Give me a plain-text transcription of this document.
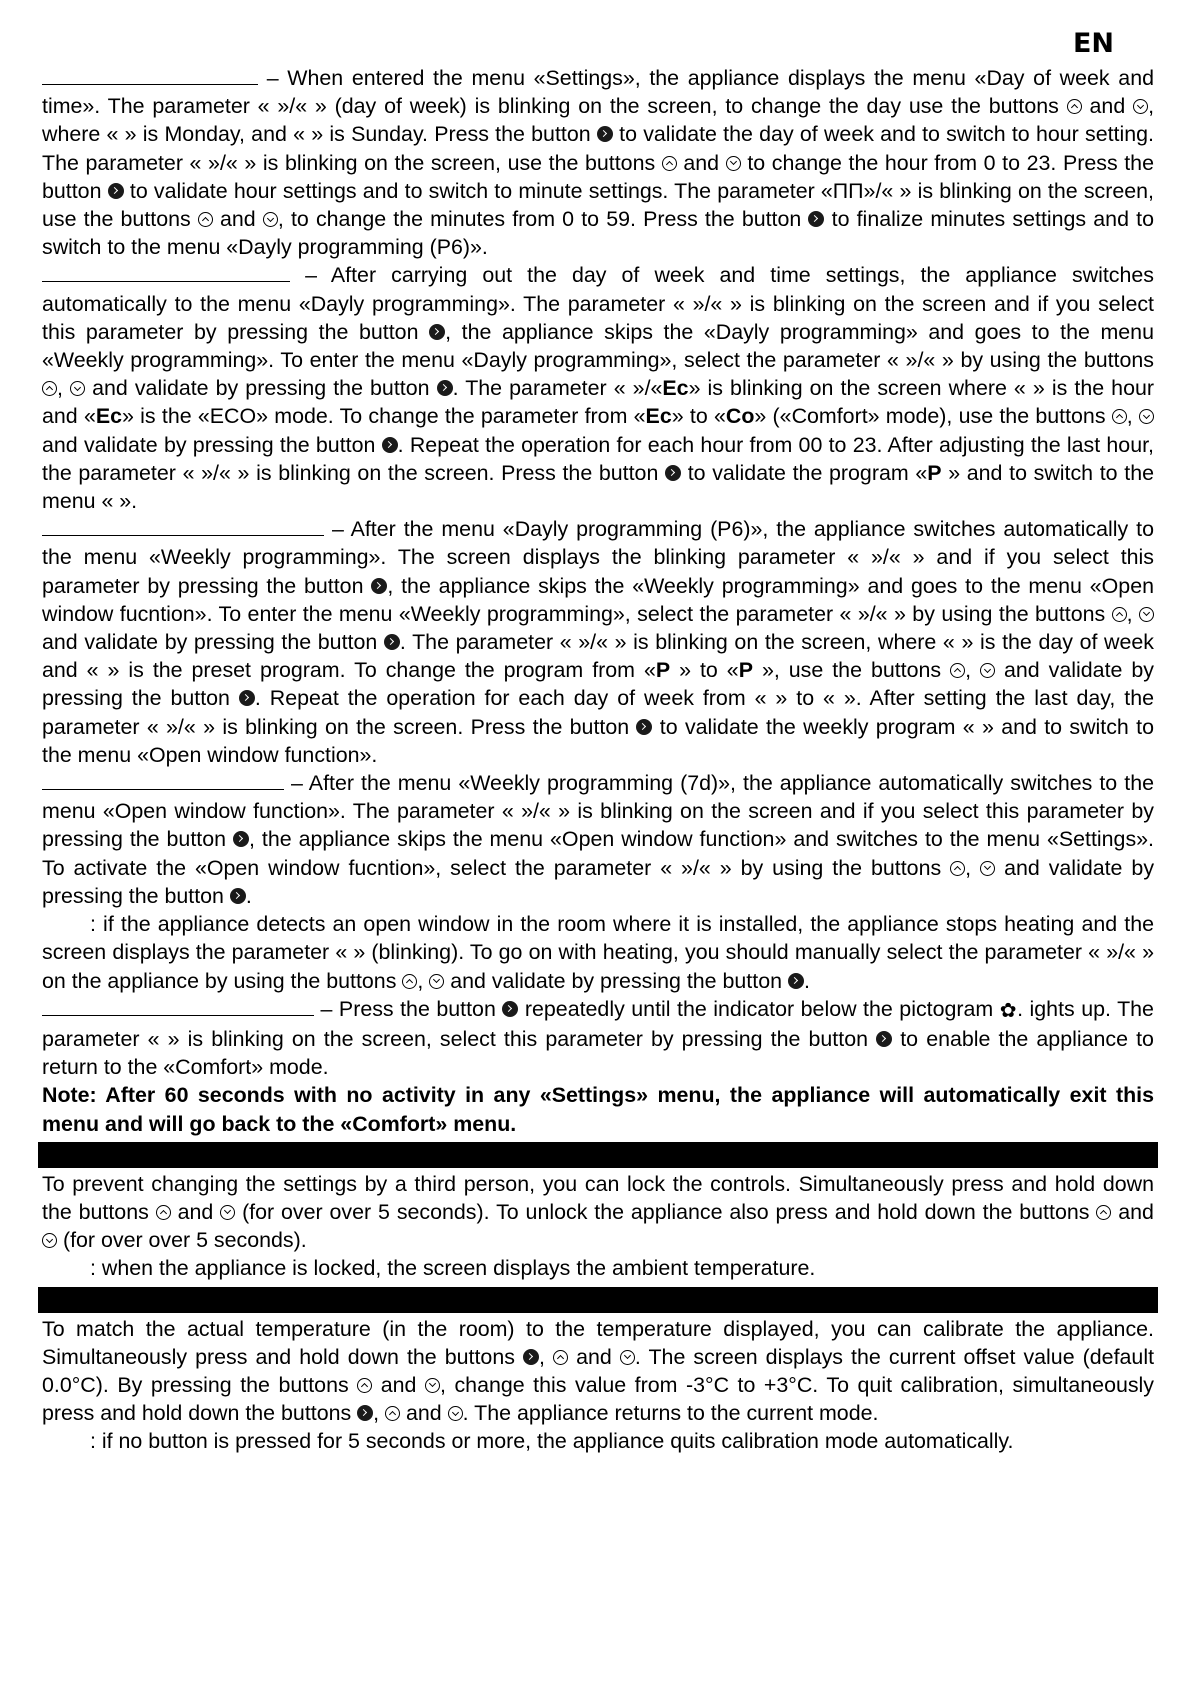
EN

– When entered the menu «Settings», the appliance displays the menu «Day of week and time». The parameter « »/« » (day of week) is blinking on the screen, to change the day use the buttons and , where « » is Monday, and « » is Sunday. Press the button to validate the day of week and to switch to hour setting. The parameter « »/« » is blinking on the screen, use the buttons and to change the hour from 0 to 23. Press the button to validate hour settings and to switch to minute settings. The parameter «ПП»/« » is blinking on the screen, use the buttons and , to change the minutes from 0 to 59. Press the button to finalize minutes settings and to switch to the menu «Dayly programming (P6)».

– After carrying out the day of week and time settings, the appliance switches automatically to the menu «Dayly programming». The parameter « »/« » is blinking on the screen and if you select this parameter by pressing the button , the appliance skips the «Dayly programming» and goes to the menu «Weekly programming». To enter the menu «Dayly programming», select the parameter « »/« » by using the buttons ,  and validate by pressing the button . The parameter « »/«Ec» is blinking on the screen where « » is the hour and «Ec» is the «ECO» mode. To change the parameter from «Ec» to «Co» («Comfort» mode), use the buttons ,  and validate by pressing the button . Repeat the operation for each hour from 00 to 23. After adjusting the last hour, the parameter « »/« » is blinking on the screen. Press the button to validate the program «P » and to switch to the menu « ».

– After the menu «Dayly programming (P6)», the appliance switches automatically to the menu «Weekly programming». The screen displays the blinking parameter « »/« » and if you select this parameter by pressing the button , the appliance skips the «Weekly programming» and goes to the menu «Open window fucntion». To enter the menu «Weekly programming», select the parameter « »/« » by using the buttons ,  and validate by pressing the button . The parameter « »/« » is blinking on the screen, where « » is the day of week and « » is the preset program. To change the program from «P » to «P », use the buttons ,  and validate by pressing the button . Repeat the operation for each day of week from « » to « ». After setting the last day, the parameter « »/« » is blinking on the screen. Press the button to validate the weekly program « » and to switch to the menu «Open window function».

– After the menu «Weekly programming (7d)», the appliance automatically switches to the menu «Open window function». The parameter « »/« » is blinking on the screen and if you select this parameter by pressing the button , the appliance skips the menu «Open window function» and switches to the menu «Settings». To activate the «Open window fucntion», select the parameter « »/« » by using the buttons ,  and validate by pressing the button .

: if the appliance detects an open window in the room where it is installed, the appliance stops heating and the screen displays the parameter « » (blinking). To go on with heating, you should manually select the parameter « »/« » on the appliance by using the buttons ,  and validate by pressing the button .

– Press the button repeatedly until the indicator below the pictogram ✿. ights up. The parameter « » is blinking on the screen, select this parameter by pressing the button to enable the appliance to return to the «Comfort» mode.

Note: After 60 seconds with no activity in any «Settings» menu, the appliance will automatically exit this menu and will go back to the «Comfort» menu.

To prevent changing the settings by a third person, you can lock the controls. Simultaneously press and hold down the buttons and (for over over 5 seconds). To unlock the appliance also press and hold down the buttons and  (for over over 5 seconds).

: when the appliance is locked, the screen displays the ambient temperature.

To match the actual temperature (in the room) to the temperature displayed, you can calibrate the appliance. Simultaneously press and hold down the buttons ,  and . The screen displays the current offset value (default 0.0°C). By pressing the buttons and , change this value from -3°C to +3°C. To quit calibration, simultaneously press and hold down the buttons ,  and . The appliance returns to the current mode.

: if no button is pressed for 5 seconds or more, the appliance quits calibration mode automatically.
